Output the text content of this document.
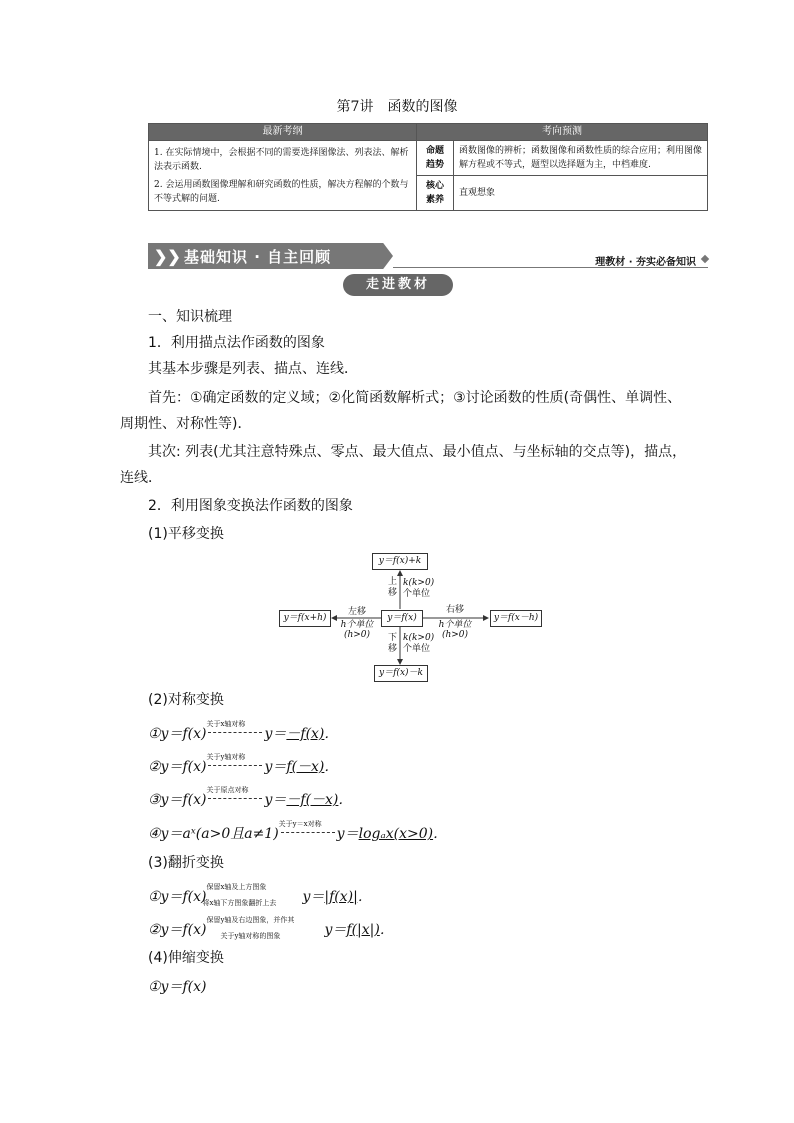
第7讲　函数的图像
最新考纲	考向预测	

1. 在实际情境中，会根据不同的需要选择图像法、列表法、解析法表示函数.
2. 会运用函数图像理解和研究函数的性质，解决方程解的个数与不等式解的问题.	命题趋势	函数图像的辨析；函数图像和函数性质的综合应用；利用图像解方程或不等式，题型以选择题为主，中档难度.
	核心素养	直观想象
❯❯ 基础知识 · 自主回顾	理教材 · 夯实必备知识
走进教材
一、知识梳理
1．利用描点法作函数的图象
其基本步骤是列表、描点、连线．
首先：①确定函数的定义域；②化简函数解析式；③讨论函数的性质(奇偶性、单调性、
周期性、对称性等)．
其次: 列表(尤其注意特殊点、零点、最大值点、最小值点、与坐标轴的交点等)，描点，
连线．
2．利用图象变换法作函数的图象
(1)平移变换
y＝f(x)+k
y＝f(x)
y＝f(x+h)	y＝f(x－h)
y＝f(x)－k
上
移
k(k>0)
个单位
下
移
k(k>0)
个单位
左移
h个单位
(h>0)
右移
h个单位
(h>0)
(2)对称变换
①y＝f(x)
关于x轴对称
y＝－f(x)．
②y＝f(x)
关于y轴对称
y＝f(－x)．
③y＝f(x)
关于原点对称
y＝－f(－x)．
④y＝aˣ(a>0且a≠1)
关于y＝x对称
y＝logₐx(x>0)．
(3)翻折变换
①y＝f(x)
保留x轴及上方图象
将x轴下方图象翻折上去 y＝|f(x)|．
②y＝f(x)
保留y轴及右边图象，并作其
关于y轴对称的图象	y＝f(|x|)．
(4)伸缩变换
①y＝f(x)
